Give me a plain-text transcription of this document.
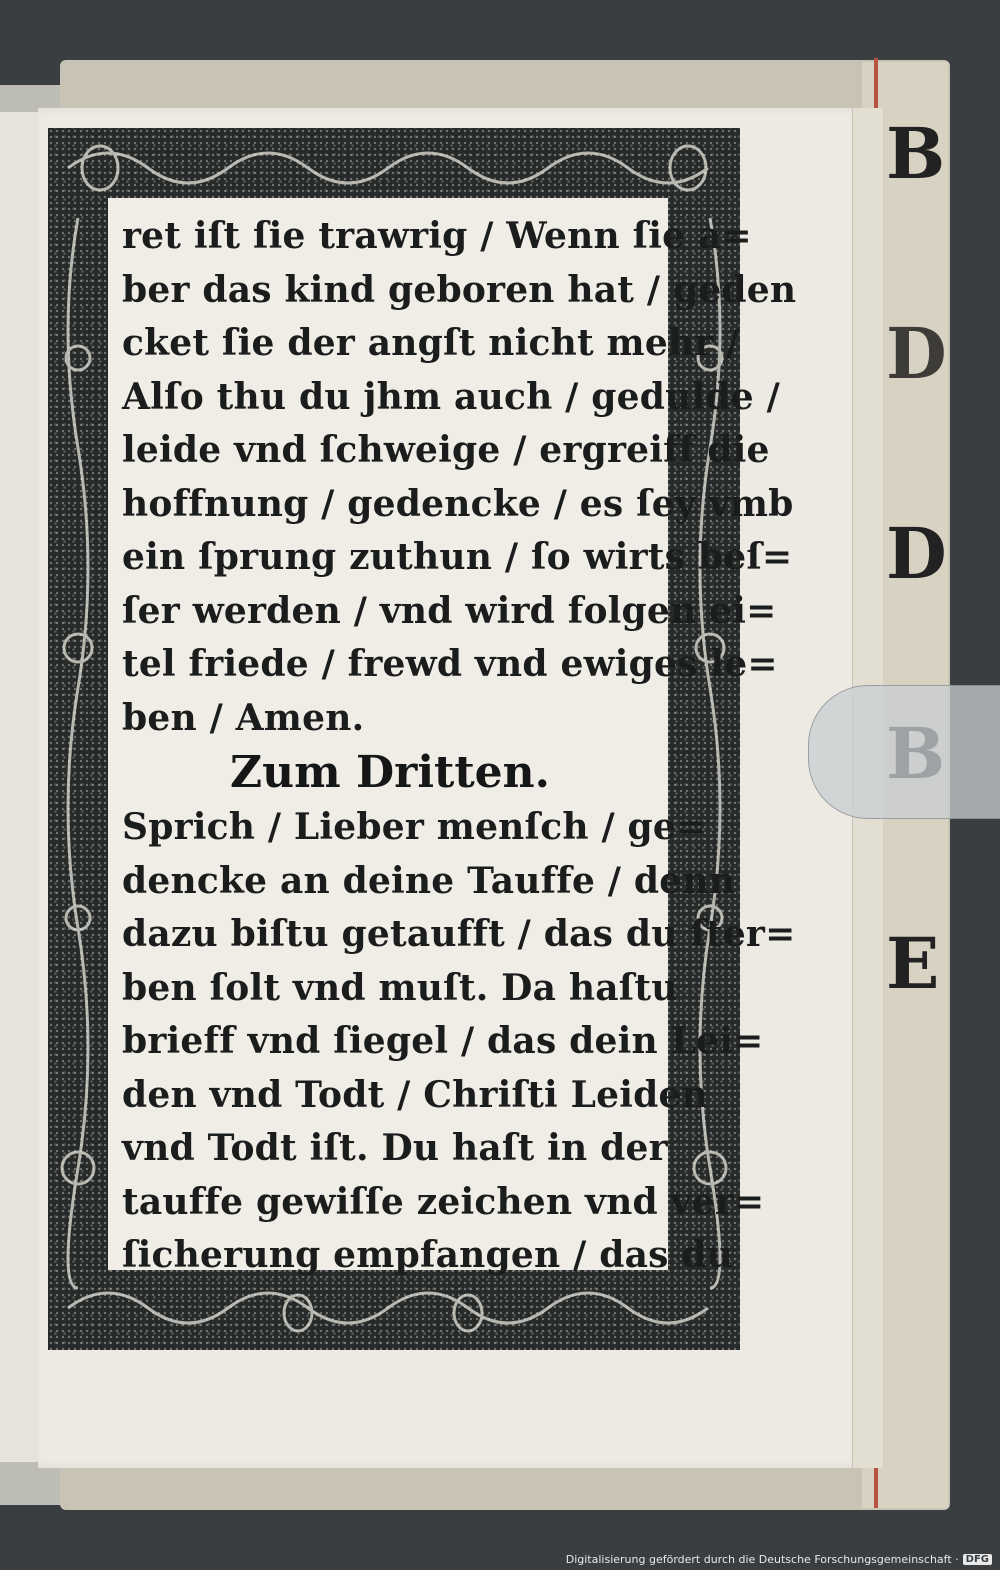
B
D
D
E
ret iſt ſie trawrig / Wenn ſie a=
ber das kind geboren hat / geden
cket ſie der angſt nicht mehr /
Alſo thu du jhm auch / gedulde /
leide vnd ſchweige / ergreiff die
hoffnung / gedencke / es ſey vmb
ein ſprung zuthun / ſo wirts beſ=
ſer werden / vnd wird folgen ei=
tel friede / frewd vnd ewiges le=
ben / Amen.
Zum Dritten.
Sprich / Lieber menſch / ge=
dencke an deine Tauffe / denn
dazu biſtu getaufft / das du ſter=
ben ſolt vnd muſt. Da haſtu
brieff vnd ſiegel / das dein Lei=
den vnd Todt / Chriſti Leiden
vnd Todt iſt. Du haſt in der
tauffe gewiſſe zeichen vnd ver=
ſicherung empfangen / das du
Digitalisierung gefördert durch die Deutsche Forschungsgemeinschaft · DFG
